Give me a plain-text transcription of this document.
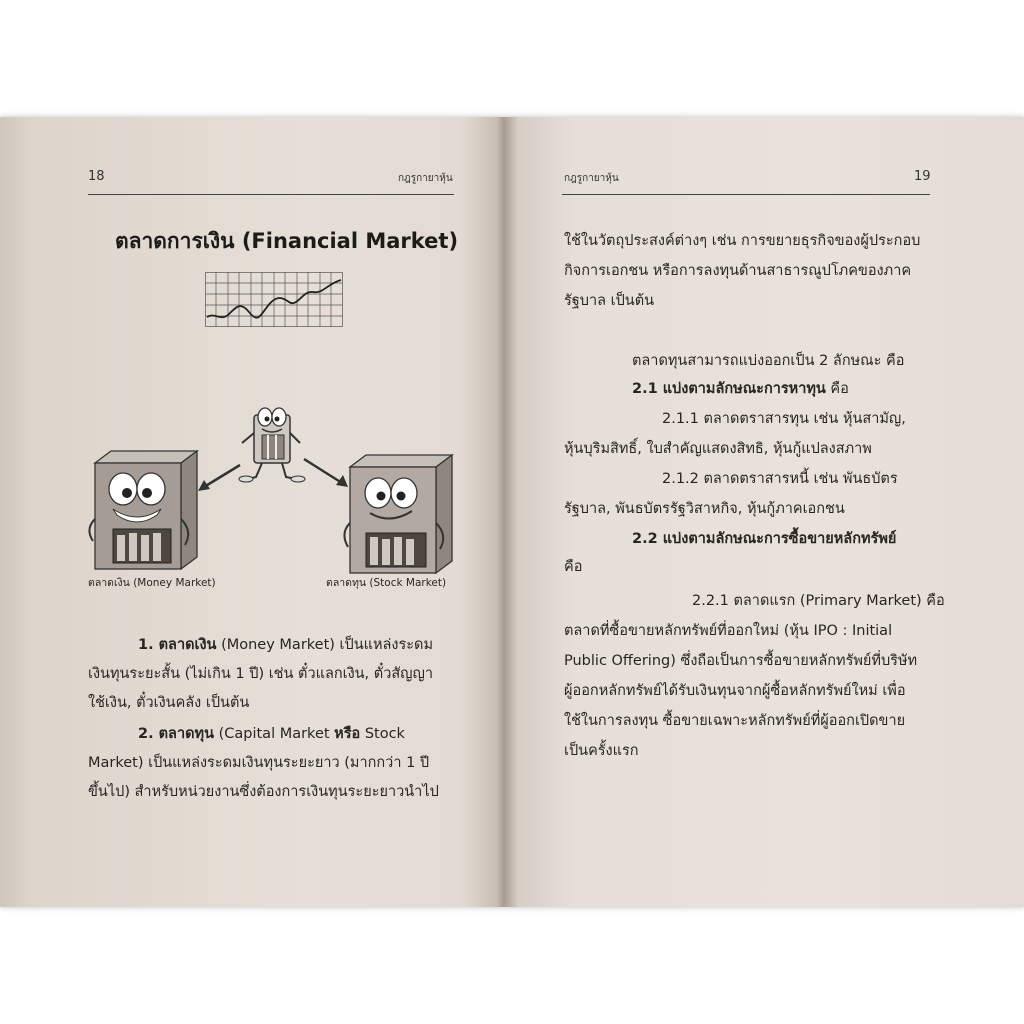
18	กฎรูกายาหุ้น
ตลาดการเงิน (Financial Market)
ตลาดเงิน (Money Market)	ตลาดทุน (Stock Market)
1. ตลาดเงิน (Money Market) เป็นแหล่งระดม
เงินทุนระยะสั้น (ไม่เกิน 1 ปี) เช่น ตั๋วแลกเงิน, ตั๋วสัญญา
ใช้เงิน, ตั๋วเงินคลัง เป็นต้น
2. ตลาดทุน (Capital Market หรือ Stock
Market) เป็นแหล่งระดมเงินทุนระยะยาว (มากกว่า 1 ปี
ขึ้นไป) สำหรับหน่วยงานซึ่งต้องการเงินทุนระยะยาวนำไป
กฎรูกายาหุ้น	19
ใช้ในวัตถุประสงค์ต่างๆ เช่น การขยายธุรกิจของผู้ประกอบ
กิจการเอกชน หรือการลงทุนด้านสาธารณูปโภคของภาค
รัฐบาล เป็นต้น
ตลาดทุนสามารถแบ่งออกเป็น 2 ลักษณะ คือ
2.1 แบ่งตามลักษณะการหาทุน คือ
2.1.1 ตลาดตราสารทุน เช่น หุ้นสามัญ,
หุ้นบุริมสิทธิ์, ใบสำคัญแสดงสิทธิ, หุ้นกู้แปลงสภาพ
2.1.2 ตลาดตราสารหนี้ เช่น พันธบัตร
รัฐบาล, พันธบัตรรัฐวิสาหกิจ, หุ้นกู้ภาคเอกชน
2.2 แบ่งตามลักษณะการซื้อขายหลักทรัพย์
คือ
2.2.1 ตลาดแรก (Primary Market) คือ
ตลาดที่ซื้อขายหลักทรัพย์ที่ออกใหม่ (หุ้น IPO : Initial
Public Offering) ซึ่งถือเป็นการซื้อขายหลักทรัพย์ที่บริษัท
ผู้ออกหลักทรัพย์ได้รับเงินทุนจากผู้ซื้อหลักทรัพย์ใหม่ เพื่อ
ใช้ในการลงทุน ซื้อขายเฉพาะหลักทรัพย์ที่ผู้ออกเปิดขาย
เป็นครั้งแรก
